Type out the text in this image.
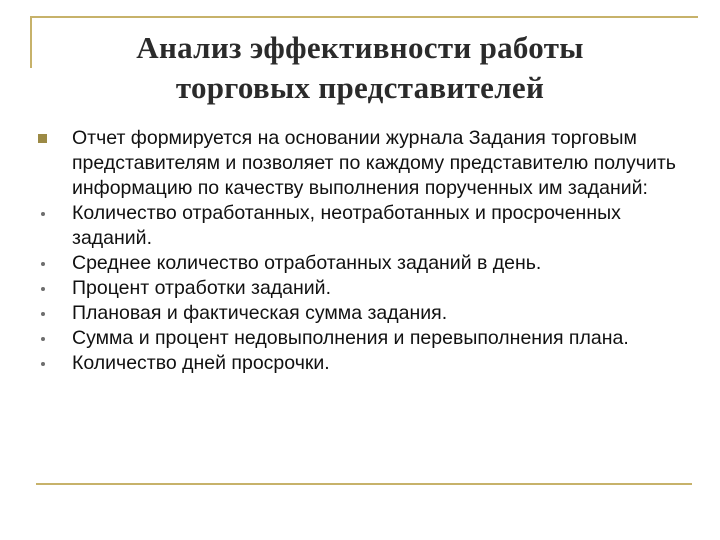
Анализ эффективности работы
торговых представителей
Отчет формируется на основании журнала Задания торговым представителям и позволяет по каждому представителю получить информацию по качеству выполнения порученных им заданий:
Количество отработанных, неотработанных и просроченных заданий.
Среднее количество отработанных заданий в день.
Процент отработки заданий.
Плановая и фактическая сумма задания.
Сумма и процент недовыполнения и перевыполнения плана.
Количество дней просрочки.
